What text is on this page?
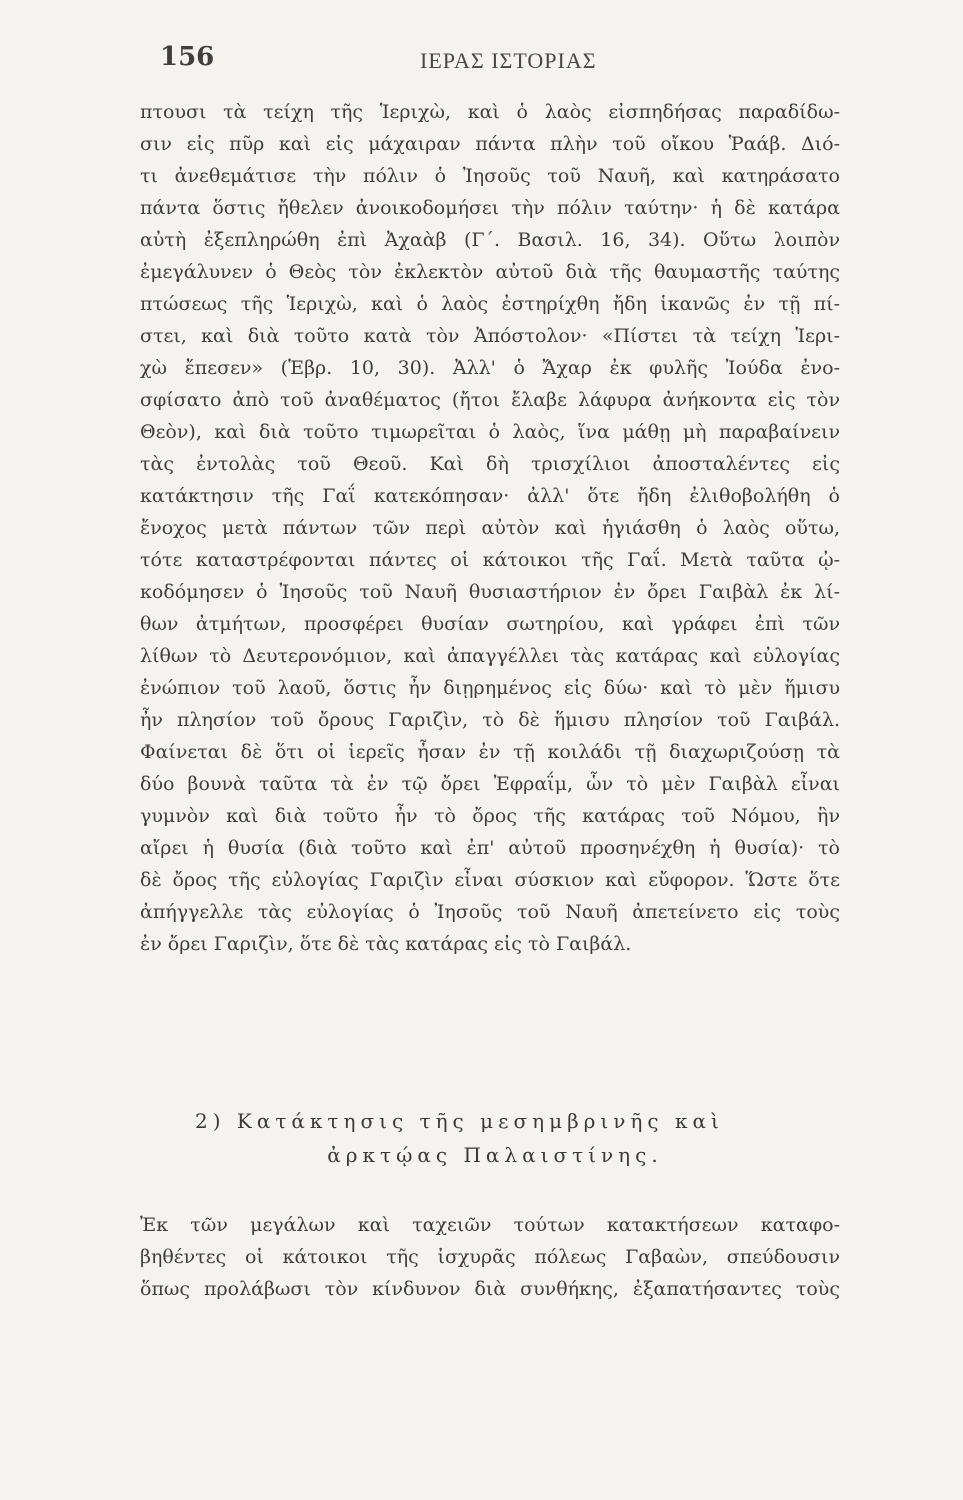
156	ΙΕΡΑΣ ΙΣΤΟΡΙΑΣ
πτουσι τὰ τείχη τῆς Ἱεριχὼ, καὶ ὁ λαὸς εἰσπηδήσας παραδίδω-
σιν εἰς πῦρ καὶ εἰς μάχαιραν πάντα πλὴν τοῦ οἴκου Ῥαάβ. Διό-
τι ἀνεθεμάτισε τὴν πόλιν ὁ Ἰησοῦς τοῦ Ναυῆ, καὶ κατηράσατο
πάντα ὅστις ἤθελεν ἀνοικοδομήσει τὴν πόλιν ταύτην· ἡ δὲ κατάρα
αὐτὴ ἐξεπληρώθη ἐπὶ Ἀχαὰβ (Γ΄. Βασιλ. 16, 34). Οὕτω λοιπὸν
ἐμεγάλυνεν ὁ Θεὸς τὸν ἐκλεκτὸν αὐτοῦ διὰ τῆς θαυμαστῆς ταύτης
πτώσεως τῆς Ἱεριχὼ, καὶ ὁ λαὸς ἐστηρίχθη ἤδη ἱκανῶς ἐν τῇ πί-
στει, καὶ διὰ τοῦτο κατὰ τὸν Ἀπόστολον· «Πίστει τὰ τείχη Ἱερι-
χὼ ἔπεσεν» (Ἑβρ. 10, 30). Ἀλλ' ὁ Ἄχαρ ἐκ φυλῆς Ἰούδα ἐνο-
σφίσατο ἀπὸ τοῦ ἀναθέματος (ἤτοι ἔλαβε λάφυρα ἀνήκοντα εἰς τὸν
Θεὸν), καὶ διὰ τοῦτο τιμωρεῖται ὁ λαὸς, ἵνα μάθῃ μὴ παραβαίνειν
τὰς ἐντολὰς τοῦ Θεοῦ. Καὶ δὴ τρισχίλιοι ἀποσταλέντες εἰς
κατάκτησιν τῆς Γαΐ κατεκόπησαν· ἀλλ' ὅτε ἤδη ἐλιθοβολήθη ὁ
ἔνοχος μετὰ πάντων τῶν περὶ αὐτὸν καὶ ἡγιάσθη ὁ λαὸς οὕτω,
τότε καταστρέφονται πάντες οἱ κάτοικοι τῆς Γαΐ. Μετὰ ταῦτα ᾠ-
κοδόμησεν ὁ Ἰησοῦς τοῦ Ναυῆ θυσιαστήριον ἐν ὄρει Γαιβὰλ ἐκ λί-
θων ἀτμήτων, προσφέρει θυσίαν σωτηρίου, καὶ γράφει ἐπὶ τῶν
λίθων τὸ Δευτερονόμιον, καὶ ἀπαγγέλλει τὰς κατάρας καὶ εὐλογίας
ἐνώπιον τοῦ λαοῦ, ὅστις ἦν διῃρημένος εἰς δύω· καὶ τὸ μὲν ἥμισυ
ἦν πλησίον τοῦ ὄρους Γαριζὶν, τὸ δὲ ἥμισυ πλησίον τοῦ Γαιβάλ.
Φαίνεται δὲ ὅτι οἱ ἱερεῖς ἦσαν ἐν τῇ κοιλάδι τῇ διαχωριζούσῃ τὰ
δύο βουνὰ ταῦτα τὰ ἐν τῷ ὄρει Ἐφραΐμ, ὧν τὸ μὲν Γαιβὰλ εἶναι
γυμνὸν καὶ διὰ τοῦτο ἦν τὸ ὄρος τῆς κατάρας τοῦ Νόμου, ἣν
αἴρει ἡ θυσία (διὰ τοῦτο καὶ ἐπ' αὐτοῦ προσηνέχθη ἡ θυσία)· τὸ
δὲ ὄρος τῆς εὐλογίας Γαριζὶν εἶναι σύσκιον καὶ εὔφορον. Ὥστε ὅτε
ἀπήγγελλε τὰς εὐλογίας ὁ Ἰησοῦς τοῦ Ναυῆ ἀπετείνετο εἰς τοὺς
ἐν ὄρει Γαριζὶν, ὅτε δὲ τὰς κατάρας εἰς τὸ Γαιβάλ.
2) Κατάκτησις τῆς μεσημβρινῆς καὶ
ἀρκτῴας Παλαιστίνης.
Ἐκ τῶν μεγάλων καὶ ταχειῶν τούτων κατακτήσεων καταφο-
βηθέντες οἱ κάτοικοι τῆς ἰσχυρᾶς πόλεως Γαβαὼν, σπεύδουσιν
ὅπως προλάβωσι τὸν κίνδυνον διὰ συνθήκης, ἐξαπατήσαντες τοὺς
